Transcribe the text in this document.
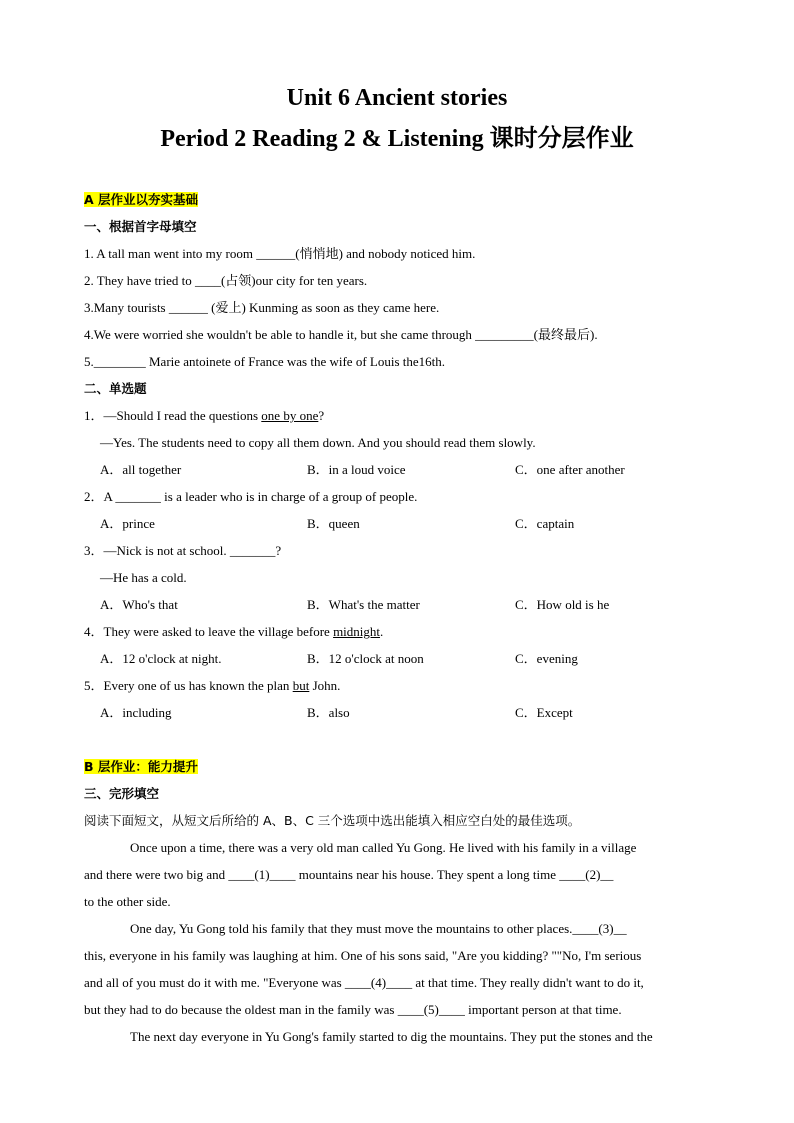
Unit 6 Ancient stories
Period 2 Reading 2 & Listening 课时分层作业
A 层作业以夯实基础
一、根据首字母填空
1. A tall man went into my room ______(悄悄地) and nobody noticed him.
2. They have tried to ____(占领)our city for ten years.
3.Many tourists ______ (爱上) Kunming as soon as they came here.
4.We were worried she wouldn't be able to handle it, but she came through _________(最终最后).
5.________ Marie antoinete of France was the wife of Louis the16th.
二、单选题
1．—Should I read the questions one by one?
—Yes. The students need to copy all them down. And you should read them slowly.
A．all together	B．in a loud voice	C．one after another
2．A _______ is a leader who is in charge of a group of people.
A．prince	B．queen	C．captain
3．—Nick is not at school. _______?
—He has a cold.
A．Who's that	B．What's the matter	C．How old is he
4．They were asked to leave the village before midnight.
A．12 o'clock at night.	B．12 o'clock at noon	C．evening
5．Every one of us has known the plan but John.
A．including	B．also	C．Except
B 层作业：能力提升
三、完形填空
阅读下面短文，从短文后所给的 A、B、C 三个选项中选出能填入相应空白处的最佳选项。
Once upon a time, there was a very old man called Yu Gong. He lived with his family in a village
and there were two big and ____(1)____ mountains near his house. They spent a long time ____(2)__
to the other side.
One day, Yu Gong told his family that they must move the mountains to other places.____(3)__
this, everyone in his family was laughing at him. One of his sons said, "Are you kidding? ""No, I'm serious
and all of you must do it with me. "Everyone was ____(4)____ at that time. They really didn't want to do it,
but they had to do because the oldest man in the family was ____(5)____ important person at that time.
The next day everyone in Yu Gong's family started to dig the mountains. They put the stones and the
